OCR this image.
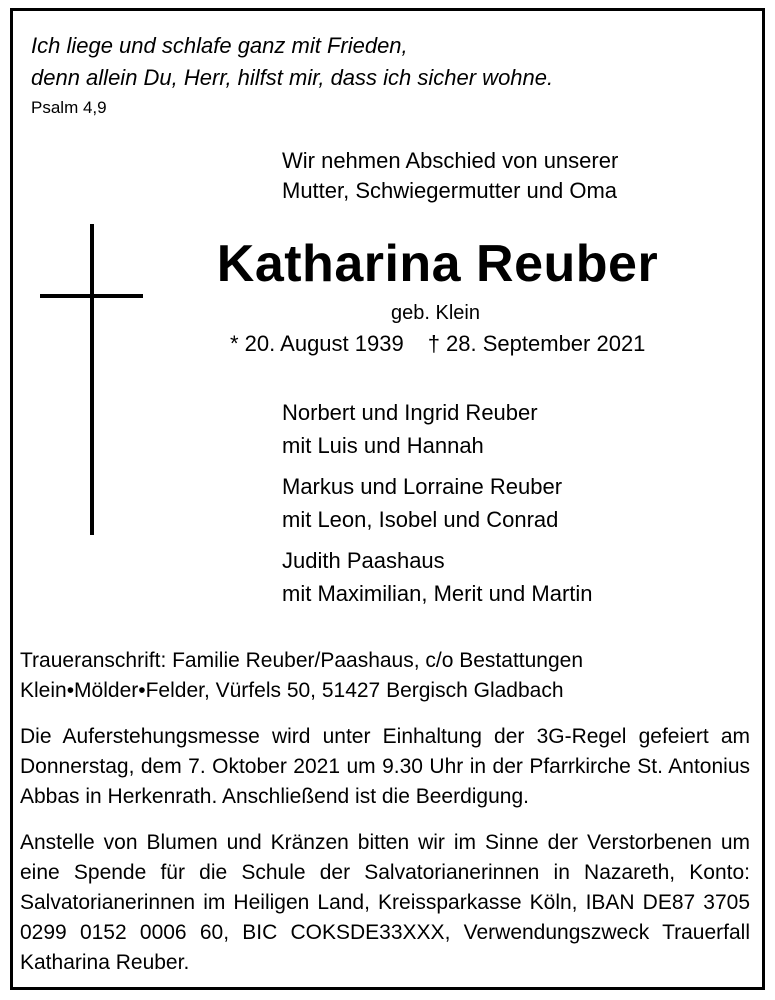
Ich liege und schlafe ganz mit Frieden,
denn allein Du, Herr, hilfst mir, dass ich sicher wohne.
Psalm 4,9
Wir nehmen Abschied von unserer
Mutter, Schwiegermutter und Oma
Katharina Reuber
geb. Klein
* 20. August 1939 † 28. September 2021
Norbert und Ingrid Reuber
mit Luis und Hannah
Markus und Lorraine Reuber
mit Leon, Isobel und Conrad
Judith Paashaus
mit Maximilian, Merit und Martin
Traueranschrift: Familie Reuber/Paashaus, c/o Bestattungen
Klein•Mölder•Felder, Vürfels 50, 51427 Bergisch Gladbach
Die Auferstehungsmesse wird unter Einhaltung der 3G-Regel gefeiert am Donnerstag, dem 7. Oktober 2021 um 9.30 Uhr in der Pfarrkirche St. Antonius Abbas in Herkenrath. Anschließend ist die Beerdigung.
Anstelle von Blumen und Kränzen bitten wir im Sinne der Verstorbenen um eine Spende für die Schule der Salvatorianerinnen in Nazareth, Konto: Salvatorianerinnen im Heiligen Land, Kreissparkasse Köln, IBAN DE87 3705 0299 0152 0006 60, BIC COKSDE33XXX, Verwendungszweck Trauerfall Katharina Reuber.
